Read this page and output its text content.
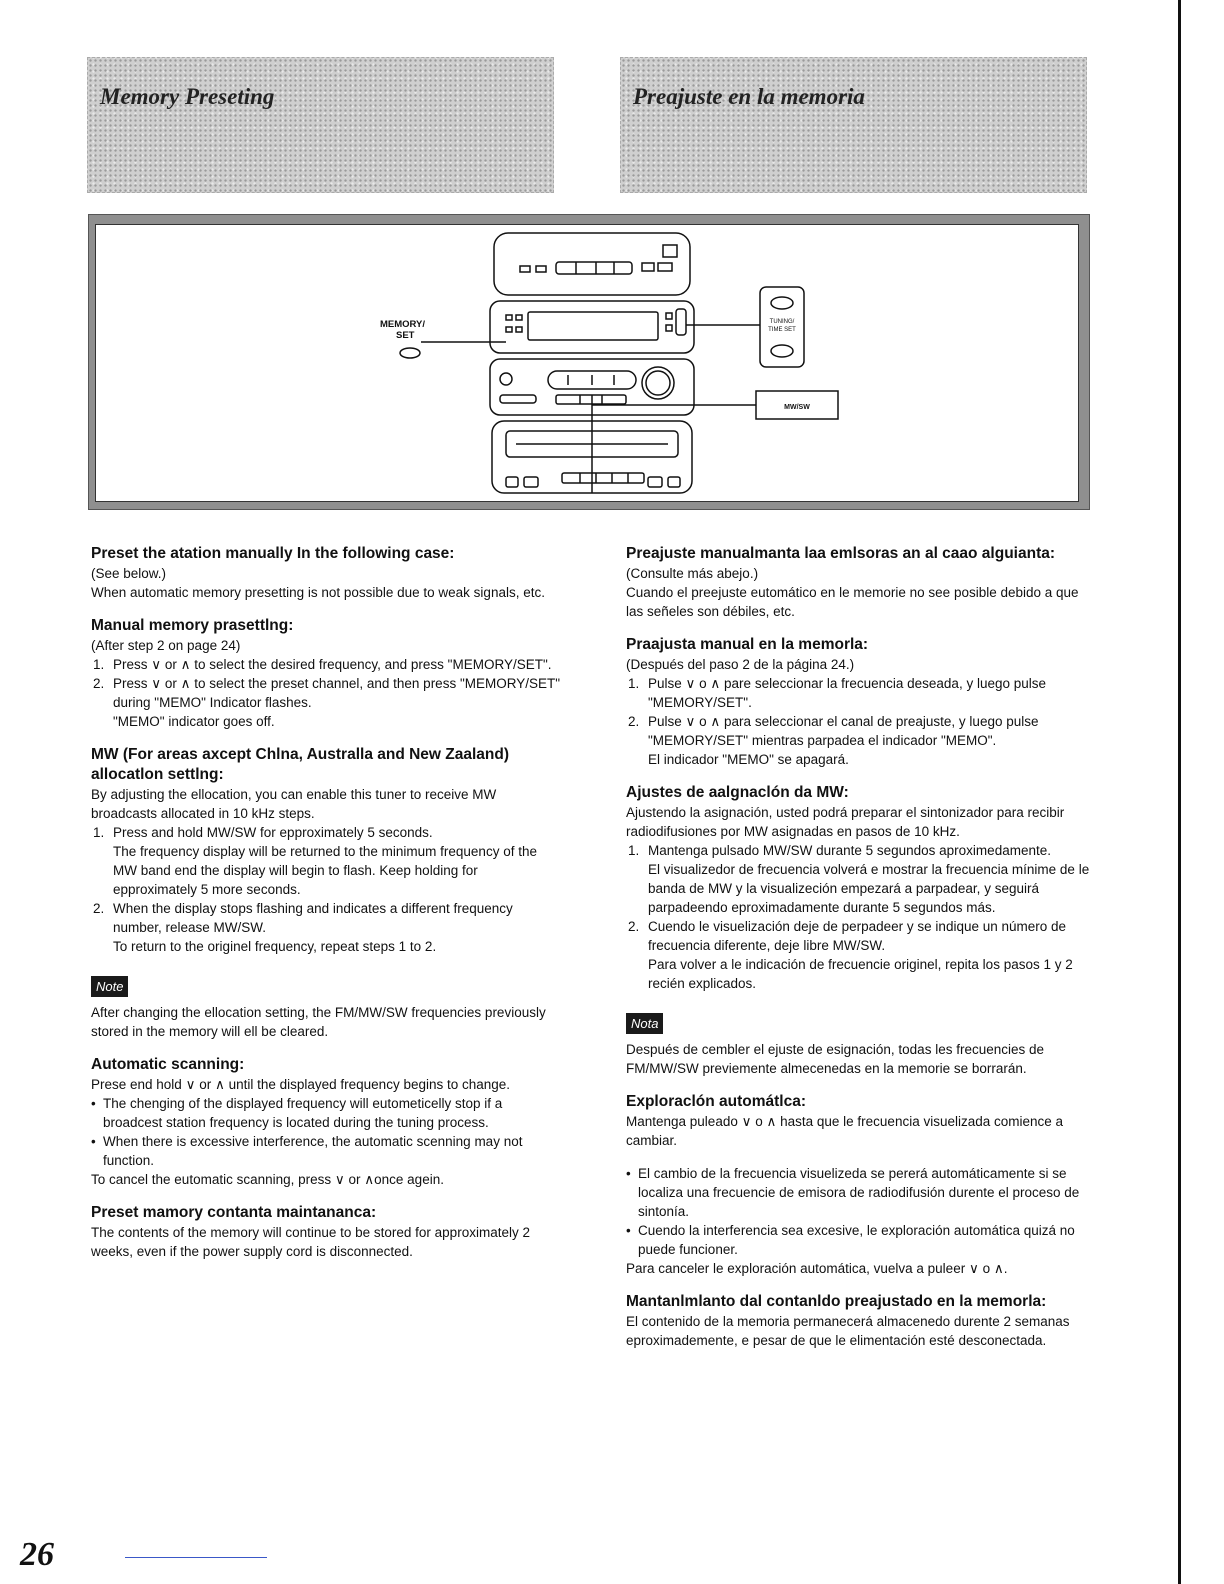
Memory Preseting	Preajuste en la memoria
MEMORY/
SET
TUNING/
TIME SET
MW/SW
Preset the atation manually In the following case:

(See below.)

When automatic memory presetting is not possible due to weak signals, etc.

Manual memory prasettlng:

(After step 2 on page 24)

1. Press ∨ or ∧ to select the desired frequency, and press "MEMORY/SET".
2. Press ∨ or ∧ to select the preset channel, and then press "MEMORY/SET" during "MEMO" Indicator flashes.
"MEMO" indicator goes off.
MW (For areas axcept Chlna, Australla and New Zaaland) allocatlon settlng:

By adjusting the ellocation, you can enable this tuner to receive MW broadcasts allocated in 10 kHz steps.

1. Press and hold MW/SW for epproximately 5 seconds.
The frequency display will be returned to the minimum frequency of the MW band end the display will begin to flash. Keep holding for epproximately 5 more seconds.
2. When the display stops flashing and indicates a different frequency number, release MW/SW.
To return to the originel frequency, repeat steps 1 to 2.
Note

After changing the ellocation setting, the FM/MW/SW frequencies previously stored in the memory will ell be cleared.

Automatic scanning:

Prese end hold ∨ or ∧ until the displayed frequency begins to change.

• The chenging of the displayed frequency will eutometicelly stop if a broadcest station frequency is located during the tuning process.
• When there is excessive interference, the automatic scenning may not function.

To cancel the eutomatic scanning, press ∨ or ∧once agein.

Preset mamory contanta maintananca:

The contents of the memory will continue to be stored for approximately 2 weeks, even if the power supply cord is disconnected.

Preajuste manualmanta laa emlsoras an al caao alguianta:

(Consulte más abejo.)

Cuando el preejuste eutomático en le memorie no see posible debido a que las señeles son débiles, etc.

Praajusta manual en la memorla:

(Después del paso 2 de la página 24.)

1. Pulse ∨ o ∧ pare seleccionar la frecuencia deseada, y luego pulse "MEMORY/SET".
2. Pulse ∨ o ∧ para seleccionar el canal de preajuste, y luego pulse "MEMORY/SET" mientras parpadea el indicador "MEMO".
El indicador "MEMO" se apagará.
Ajustes de aalgnaclón da MW:

Ajustendo la asignación, usted podrá preparar el sintonizador para recibir radiodifusiones por MW asignadas en pasos de 10 kHz.

1. Mantenga pulsado MW/SW durante 5 segundos aproximedamente.
El visualizedor de frecuencia volverá e mostrar la frecuencia mínime de le banda de MW y la visualizeción empezará a parpadear, y seguirá parpadeendo eproximadamente durante 5 segundos más.
2. Cuendo le visuelización deje de perpadeer y se indique un número de frecuencia diferente, deje libre MW/SW.
Para volver a le indicación de frecuencie originel, repita los pasos 1 y 2 recién explicados.
Nota

Después de cembler el ejuste de esignación, todas les frecuencies de FM/MW/SW previemente almecenedas en la memorie se borrarán.

Exploraclón automátlca:

Mantenga puleado ∨ o ∧ hasta que le frecuencia visuelizada comience a cambiar.

• El cambio de la frecuencia visuelizeda se pererá automáticamente si se localiza una frecuencie de emisora de radiodifusión durente el proceso de sintonía.
• Cuendo la interferencia sea excesive, le exploración automática quizá no puede funcioner.

Para canceler le exploración automática, vuelva a puleer ∨ o ∧.

Mantanlmlanto dal contanldo preajustado en la memorla:

El contenido de la memoria permanecerá almacenedo durente 2 semanas eproximademente, e pesar de que le elimentación esté desconectada.

26
